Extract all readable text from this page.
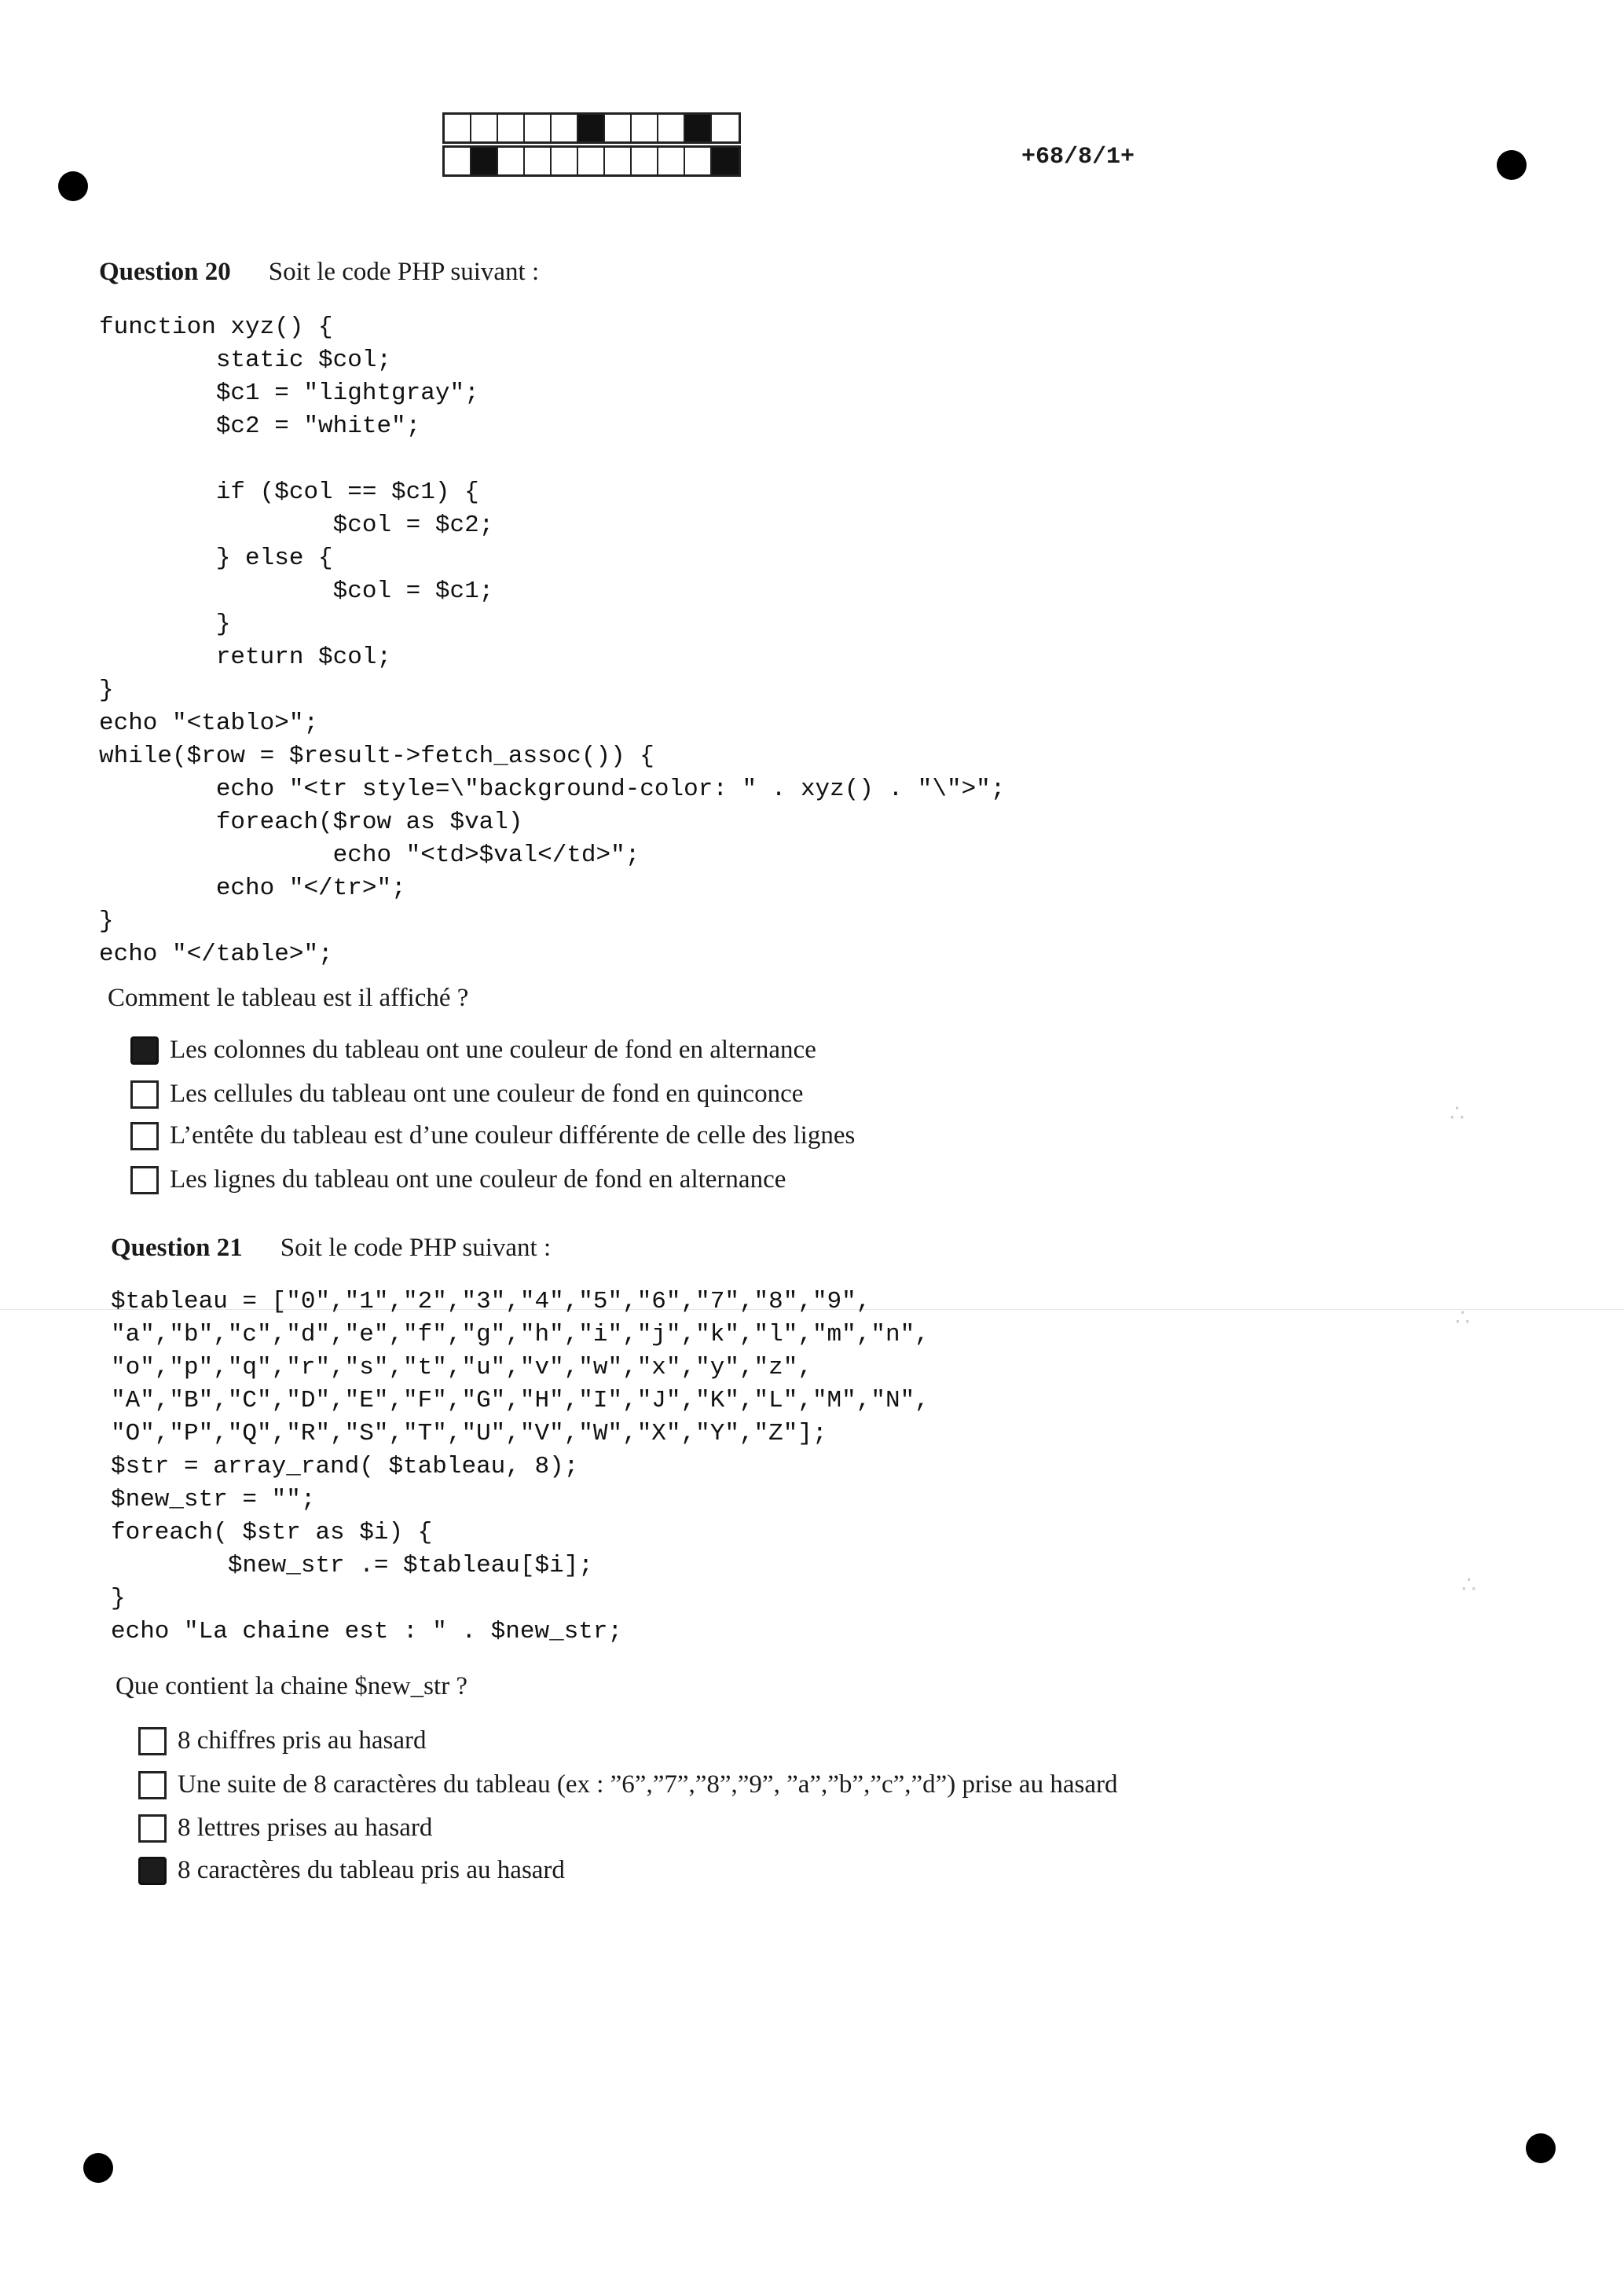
+68/8/1+
Question 20 Soit le code PHP suivant :
function xyz() {
static $col;
$c1 = "lightgray";
$c2 = "white";

if ($col == $c1) {
$col = $c2;
} else {
$col = $c1;
}
return $col;
}
echo "<tablo>";
while($row = $result->fetch_assoc()) {
echo "<tr style=\"background-color: " . xyz() . "\">";
foreach($row as $val)
echo "<td>$val</td>";
echo "</tr>";
}
echo "</table>";
Comment le tableau est il affiché ?
Les colonnes du tableau ont une couleur de fond en alternance
Les cellules du tableau ont une couleur de fond en quinconce
L’entête du tableau est d’une couleur différente de celle des lignes
Les lignes du tableau ont une couleur de fond en alternance
∴
∴
∴
Question 21 Soit le code PHP suivant :
$tableau = ["0","1","2","3","4","5","6","7","8","9",
"a","b","c","d","e","f","g","h","i","j","k","l","m","n",
"o","p","q","r","s","t","u","v","w","x","y","z",
"A","B","C","D","E","F","G","H","I","J","K","L","M","N",
"O","P","Q","R","S","T","U","V","W","X","Y","Z"];
$str = array_rand( $tableau, 8);
$new_str = "";
foreach( $str as $i) {
$new_str .= $tableau[$i];
}
echo "La chaine est : " . $new_str;
Que contient la chaine $new_str ?
8 chiffres pris au hasard
Une suite de 8 caractères du tableau (ex : ”6”,”7”,”8”,”9”, ”a”,”b”,”c”,”d”) prise au hasard
8 lettres prises au hasard
8 caractères du tableau pris au hasard
